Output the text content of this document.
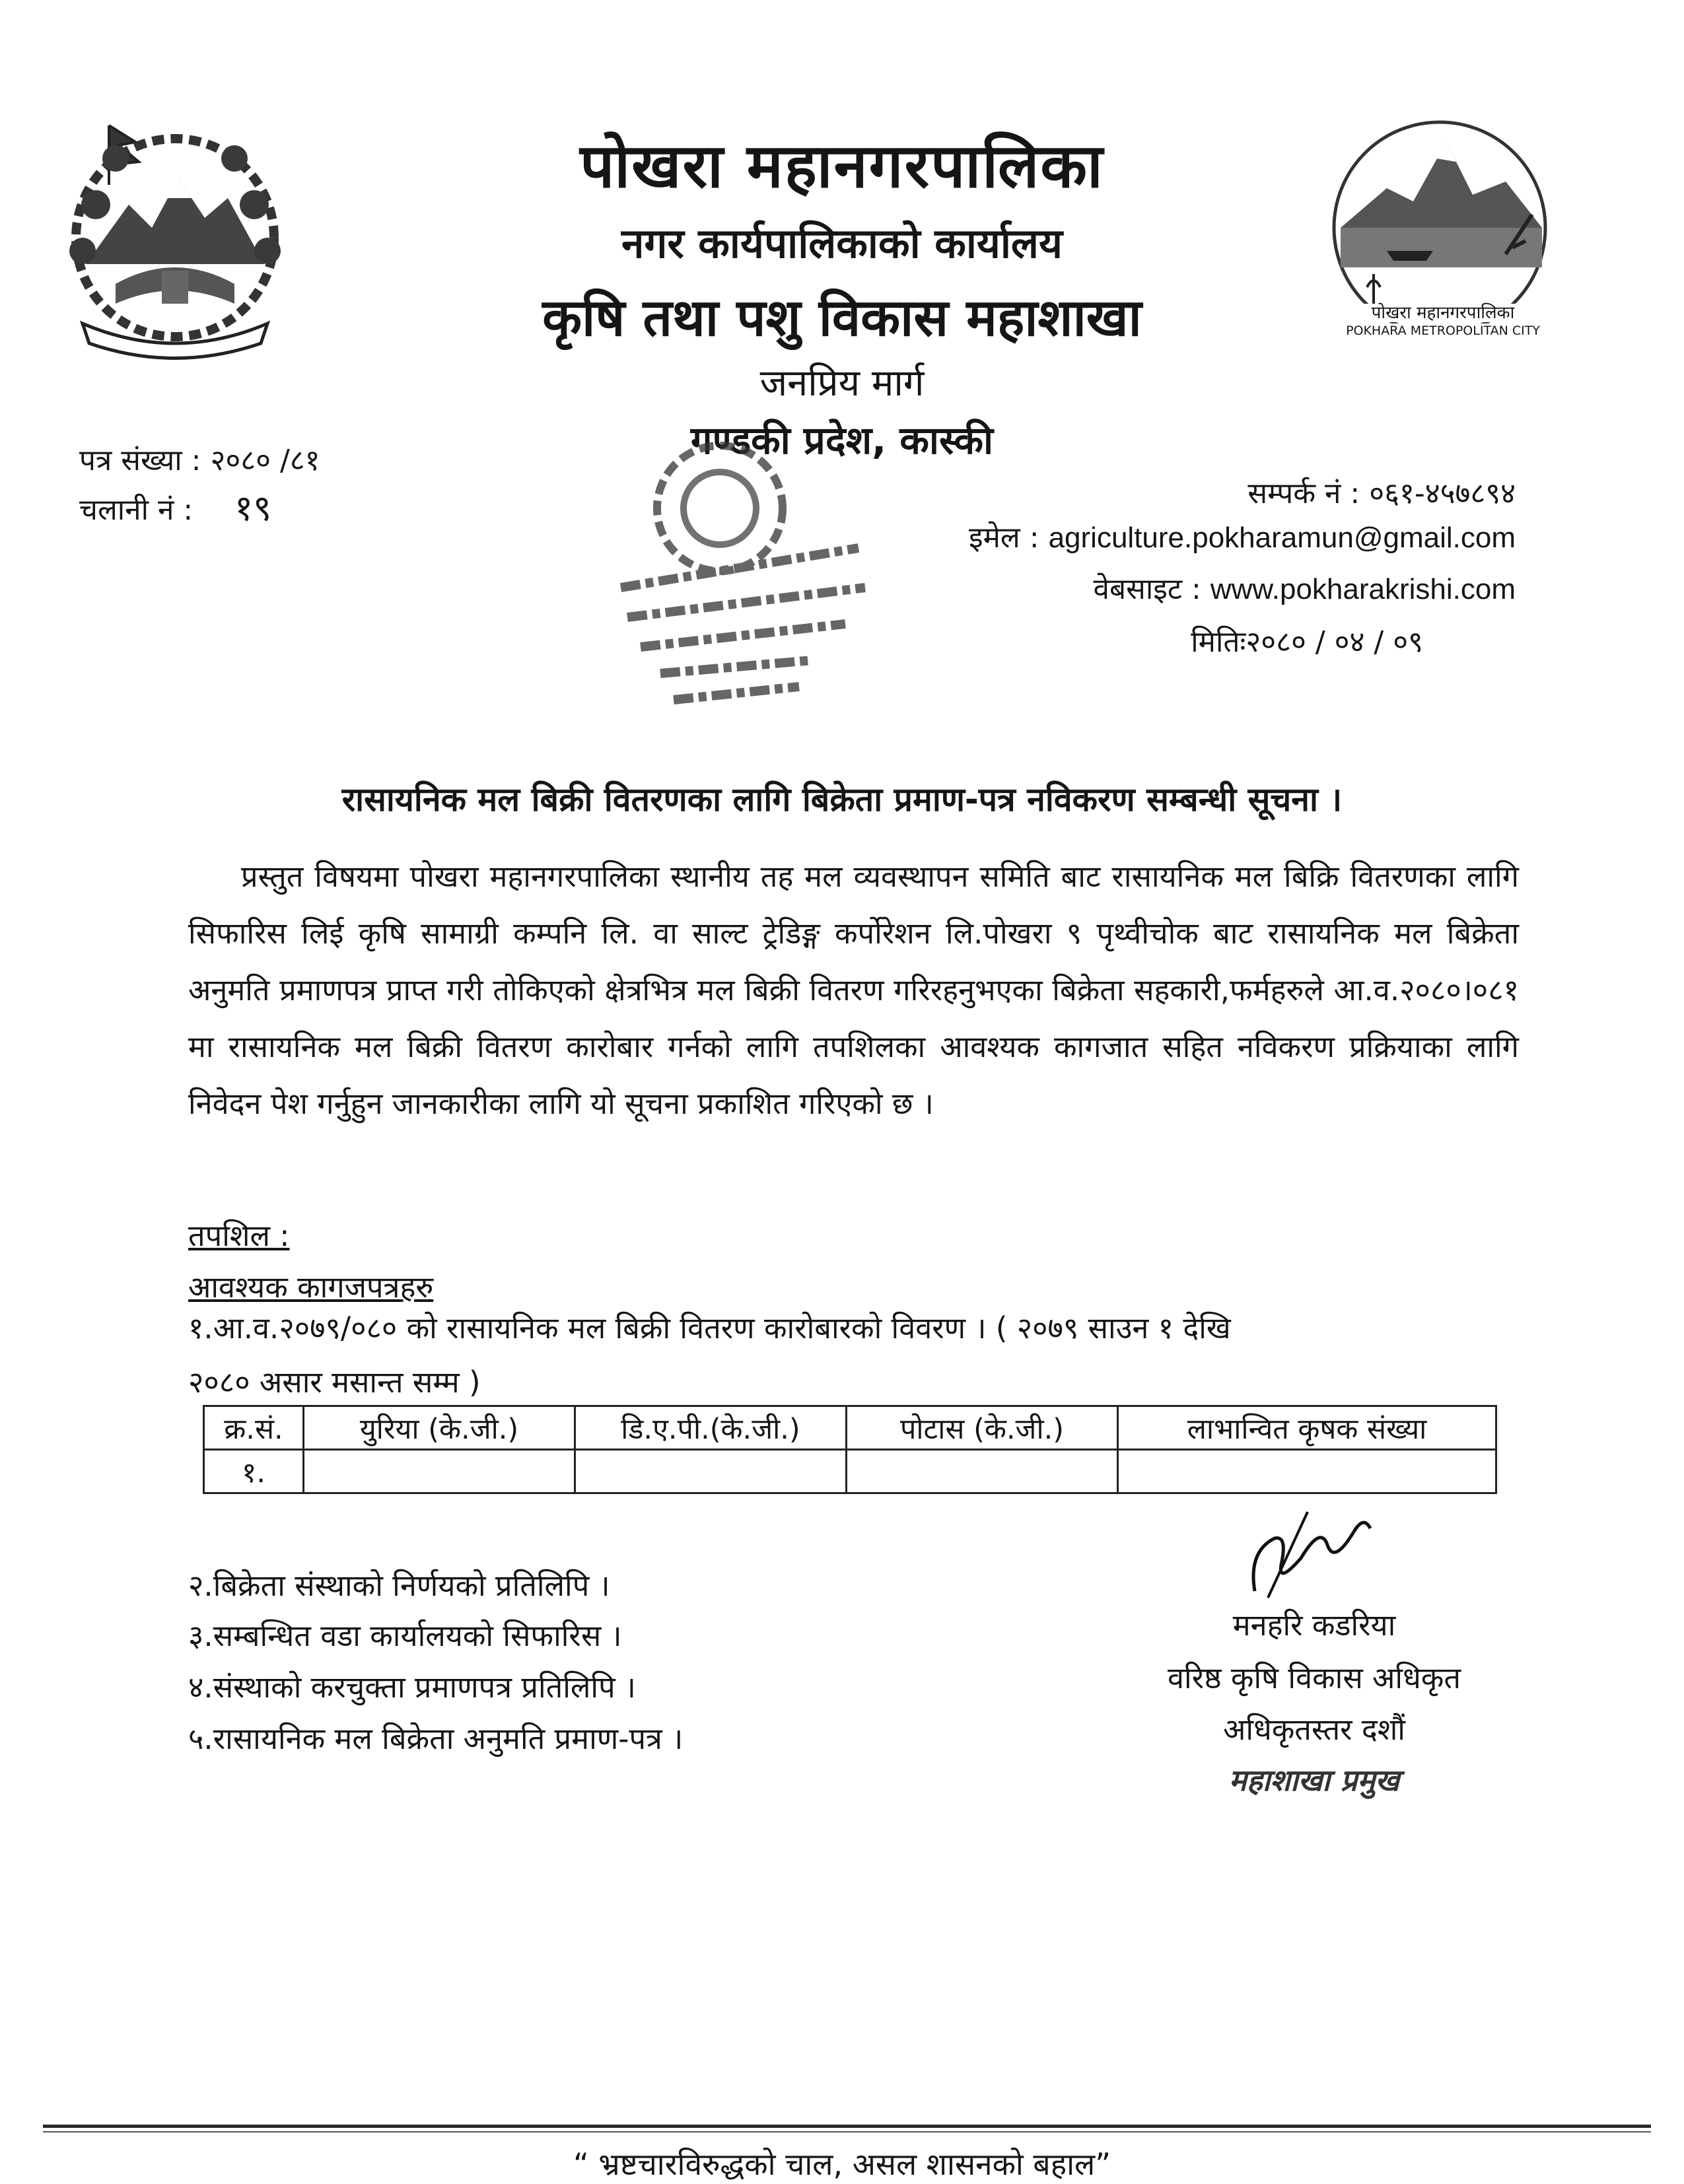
पोखरा महानगरपालिका
POKHARA METROPOLITAN CITY
पोखरा महानगरपालिका
नगर कार्यपालिकाको कार्यालय
कृषि तथा पशु विकास महाशाखा
जनप्रिय मार्ग
गण्डकी प्रदेश, कास्की
पत्र संख्या : २०८० /८१
चलानी नं : १९	सम्पर्क नं : ०६१-४५७८९४
इमेल : agriculture.pokharamun@gmail.com
वेबसाइट : www.pokharakrishi.com
मितिः२०८० / ०४ / ०९
रासायनिक मल बिक्री वितरणका लागि बिक्रेता प्रमाण-पत्र नविकरण सम्बन्धी सूचना ।
प्रस्तुत विषयमा पोखरा महानगरपालिका स्थानीय तह मल व्यवस्थापन समिति बाट रासायनिक मल बिक्रि वितरणका लागि सिफारिस लिई कृषि सामाग्री कम्पनि लि. वा साल्ट ट्रेडिङ्ग कर्पोरेशन लि.पोखरा ९ पृथ्वीचोक बाट रासायनिक मल बिक्रेता अनुमति प्रमाणपत्र प्राप्त गरी तोकिएको क्षेत्रभित्र मल बिक्री वितरण गरिरहनुभएका बिक्रेता सहकारी,फर्महरुले आ.व.२०८०।०८१ मा रासायनिक मल बिक्री वितरण कारोबार गर्नको लागि तपशिलका आवश्यक कागजात सहित नविकरण प्रक्रियाका लागि निवेदन पेश गर्नुहुन जानकारीका लागि यो सूचना प्रकाशित गरिएको छ ।
तपशिल :
आवश्यक कागजपत्रहरु
१.आ.व.२०७९/०८० को रासायनिक मल बिक्री वितरण कारोबारको विवरण । ( २०७९ साउन १ देखि
२०८० असार मसान्त सम्म )
क्र.सं.	युरिया (के.जी.)	डि.ए.पी.(के.जी.)	पोटास (के.जी.)	लाभान्वित कृषक संख्या
१.				
२.बिक्रेता संस्थाको निर्णयको प्रतिलिपि ।
३.सम्बन्धित वडा कार्यालयको सिफारिस ।
४.संस्थाको करचुक्ता प्रमाणपत्र प्रतिलिपि ।
५.रासायनिक मल बिक्रेता अनुमति प्रमाण-पत्र ।
मनहरि कडरिया
वरिष्ठ कृषि विकास अधिकृत
अधिकृतस्तर दशौं
महाशाखा प्रमुख
“ भ्रष्टचारविरुद्धको चाल, असल शासनको बहाल”
